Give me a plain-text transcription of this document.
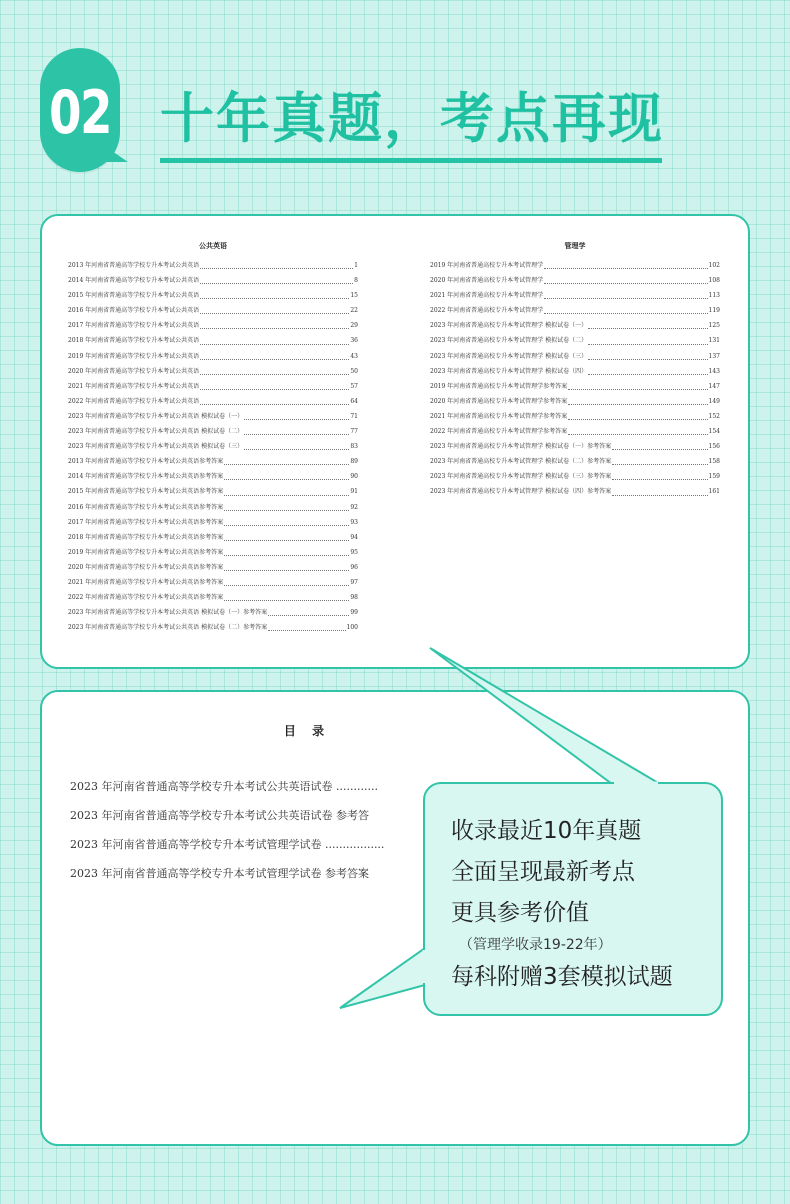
02 十年真题，考点再现
公共英语
2013 年河南省普通高等学校专升本考试公共英语	1
2014 年河南省普通高等学校专升本考试公共英语	8
2015 年河南省普通高等学校专升本考试公共英语	15
2016 年河南省普通高等学校专升本考试公共英语	22
2017 年河南省普通高等学校专升本考试公共英语	29
2018 年河南省普通高等学校专升本考试公共英语	36
2019 年河南省普通高等学校专升本考试公共英语	43
2020 年河南省普通高等学校专升本考试公共英语	50
2021 年河南省普通高等学校专升本考试公共英语	57
2022 年河南省普通高等学校专升本考试公共英语	64
2023 年河南省普通高等学校专升本考试公共英语 模拟试卷（一）	71
2023 年河南省普通高等学校专升本考试公共英语 模拟试卷（二）	77
2023 年河南省普通高等学校专升本考试公共英语 模拟试卷（三）	83
2013 年河南省普通高等学校专升本考试公共英语参考答案	89
2014 年河南省普通高等学校专升本考试公共英语参考答案	90
2015 年河南省普通高等学校专升本考试公共英语参考答案	91
2016 年河南省普通高等学校专升本考试公共英语参考答案	92
2017 年河南省普通高等学校专升本考试公共英语参考答案	93
2018 年河南省普通高等学校专升本考试公共英语参考答案	94
2019 年河南省普通高等学校专升本考试公共英语参考答案	95
2020 年河南省普通高等学校专升本考试公共英语参考答案	96
2021 年河南省普通高等学校专升本考试公共英语参考答案	97
2022 年河南省普通高等学校专升本考试公共英语参考答案	98
2023 年河南省普通高等学校专升本考试公共英语 模拟试卷（一）参考答案	99
2023 年河南省普通高等学校专升本考试公共英语 模拟试卷（二）参考答案	100
管理学
2019 年河南省普通高校专升本考试管理学	102
2020 年河南省普通高校专升本考试管理学	108
2021 年河南省普通高校专升本考试管理学	113
2022 年河南省普通高校专升本考试管理学	119
2023 年河南省普通高校专升本考试管理学 模拟试卷（一）	125
2023 年河南省普通高校专升本考试管理学 模拟试卷（二）	131
2023 年河南省普通高校专升本考试管理学 模拟试卷（三）	137
2023 年河南省普通高校专升本考试管理学 模拟试卷（四）	143
2019 年河南省普通高校专升本考试管理学参考答案	147
2020 年河南省普通高校专升本考试管理学参考答案	149
2021 年河南省普通高校专升本考试管理学参考答案	152
2022 年河南省普通高校专升本考试管理学参考答案	154
2023 年河南省普通高校专升本考试管理学 模拟试卷（一）参考答案	156
2023 年河南省普通高校专升本考试管理学 模拟试卷（二）参考答案	158
2023 年河南省普通高校专升本考试管理学 模拟试卷（三）参考答案	159
2023 年河南省普通高校专升本考试管理学 模拟试卷（四）参考答案	161
目 录
2023 年河南省普通高等学校专升本考试公共英语试卷 ............
2023 年河南省普通高等学校专升本考试公共英语试卷 参考答
2023 年河南省普通高等学校专升本考试管理学试卷 .................
2023 年河南省普通高等学校专升本考试管理学试卷 参考答案
收录最近10年真题
全面呈现最新考点
更具参考价值
（管理学收录19-22年）
每科附赠3套模拟试题
